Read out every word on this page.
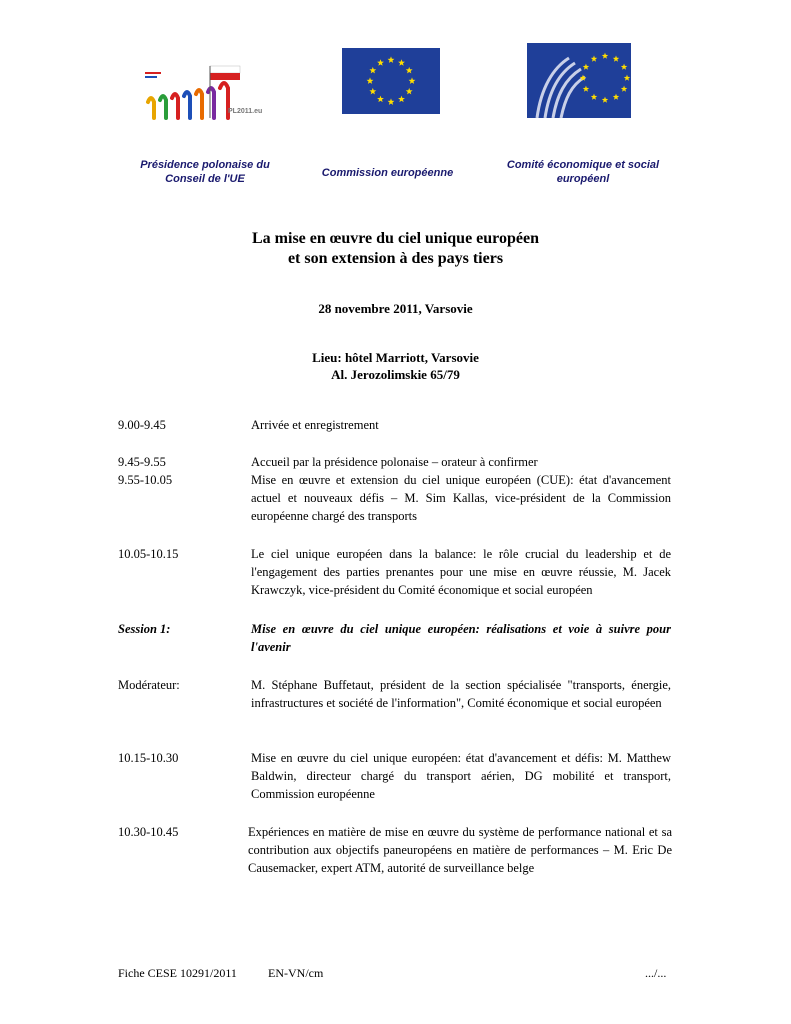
PL2011.eu
Présidence polonaise du Conseil de l'UE	Commission européenne
Comité économique et social européenl
La mise en œuvre du ciel unique européen
et son extension à des pays tiers
28 novembre 2011, Varsovie
Lieu: hôtel Marriott, Varsovie
Al. Jerozolimskie 65/79
9.00-9.45	Arrivée et enregistrement
9.45-9.55	Accueil par la présidence polonaise – orateur à confirmer
9.55-10.05	Mise en œuvre et extension du ciel unique européen (CUE): état d'avancement actuel et nouveaux défis – M. Sim Kallas, vice-président de la Commission européenne chargé des transports
10.05-10.15	Le ciel unique européen dans la balance: le rôle crucial du leadership et de l'engagement des parties prenantes pour une mise en œuvre réussie, M. Jacek Krawczyk, vice-président du Comité économique et social européen
Session 1:	Mise en œuvre du ciel unique européen: réalisations et voie à suivre pour l'avenir
Modérateur:	M. Stéphane Buffetaut, président de la section spécialisée "transports, énergie, infrastructures et société de l'information", Comité économique et social européen
10.15-10.30	Mise en œuvre du ciel unique européen: état d'avancement et défis: M. Matthew Baldwin, directeur chargé du transport aérien, DG mobilité et transport, Commission européenne
10.30-10.45	Expériences en matière de mise en œuvre du système de performance national et sa contribution aux objectifs paneuropéens en matière de performances – M. Eric De Causemacker, expert ATM, autorité de surveillance belge
Fiche CESE 10291/2011	EN-VN/cm	.../...
